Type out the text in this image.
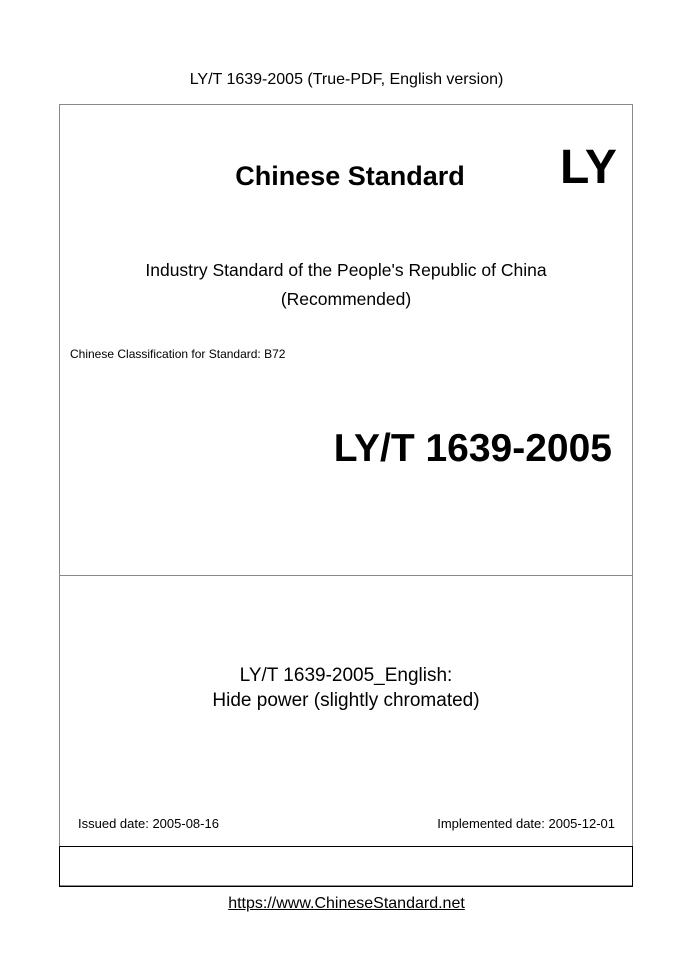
LY/T 1639-2005 (True-PDF, English version)
Chinese Standard	LY
Industry Standard of the People's Republic of China
(Recommended)
Chinese Classification for Standard: B72
LY/T 1639-2005
LY/T 1639-2005_English:
Hide power (slightly chromated)
Issued date: 2005-08-16	Implemented date: 2005-12-01
https://www.ChineseStandard.net
